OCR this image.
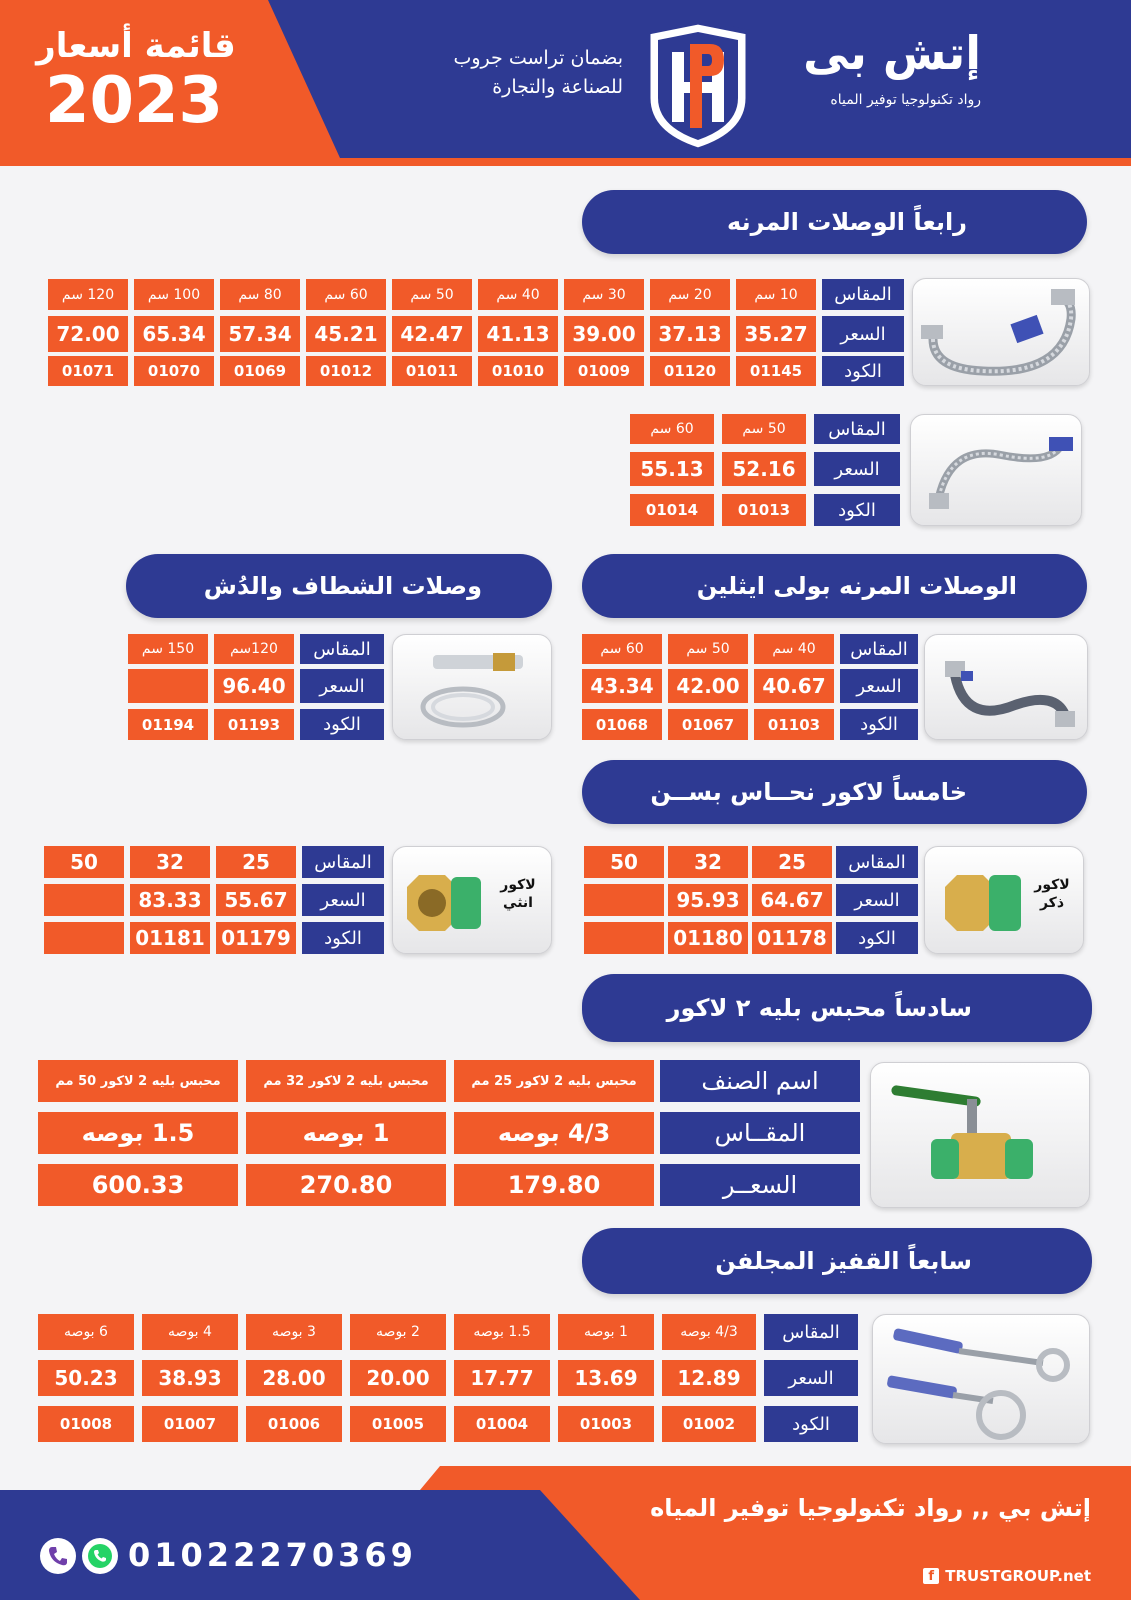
قائمة أسعار
2023
بضمان تراست جروب
للصناعة والتجارة
إتش بى
رواد تكنولوجيا توفير المياه
رابعاً الوصلات المرنه
المقاس
السعر
الكود
10 سم
20 سم
30 سم
40 سم
50 سم
60 سم
80 سم
100 سم
120 سم
35.27
37.13
39.00
41.13
42.47
45.21
57.34
65.34
72.00
01145
01120
01009
01010
01011
01012
01069
01070
01071
المقاس
السعر
الكود
50 سم
60 سم
52.16
55.13
01013
01014
الوصلات المرنه بولى ايثلين
وصلات الشطاف والدُش
المقاس
السعر
الكود
40 سم
50 سم
60 سم
40.67
42.00
43.34
01103
01067
01068
المقاس
السعر
الكود
120سم
150 سم
96.40
01193
01194
خامساً لاكور نحــاس بســن
لاكور
ذكر
المقاس
السعر
الكود
25
32
50
64.67
95.93
01178
01180
لاكور
انثي
المقاس
السعر
الكود
25
32
50
55.67
83.33
01179
01181
سادساً محبس بليه ٢ لاكور
اسم الصنف
المقــاس
السعــر
محبس بليه 2 لاكور 25 مم
محبس بليه 2 لاكور 32 مم
محبس بليه 2 لاكور 50 مم
4/3 بوصه
1 بوصه
1.5 بوصه
179.80
270.80
600.33
سابعاً القفيز المجلفن
المقاس
السعر
الكود
4/3 بوصه
1 بوصه
1.5 بوصه
2 بوصه
3 بوصه
4 بوصه
6 بوصه
12.89
13.69
17.77
20.00
28.00
38.93
50.23
01002
01003
01004
01005
01006
01007
01008
إتش بي ,, رواد تكنولوجيا توفير المياه
f TRUSTGROUP.net
01022270369
